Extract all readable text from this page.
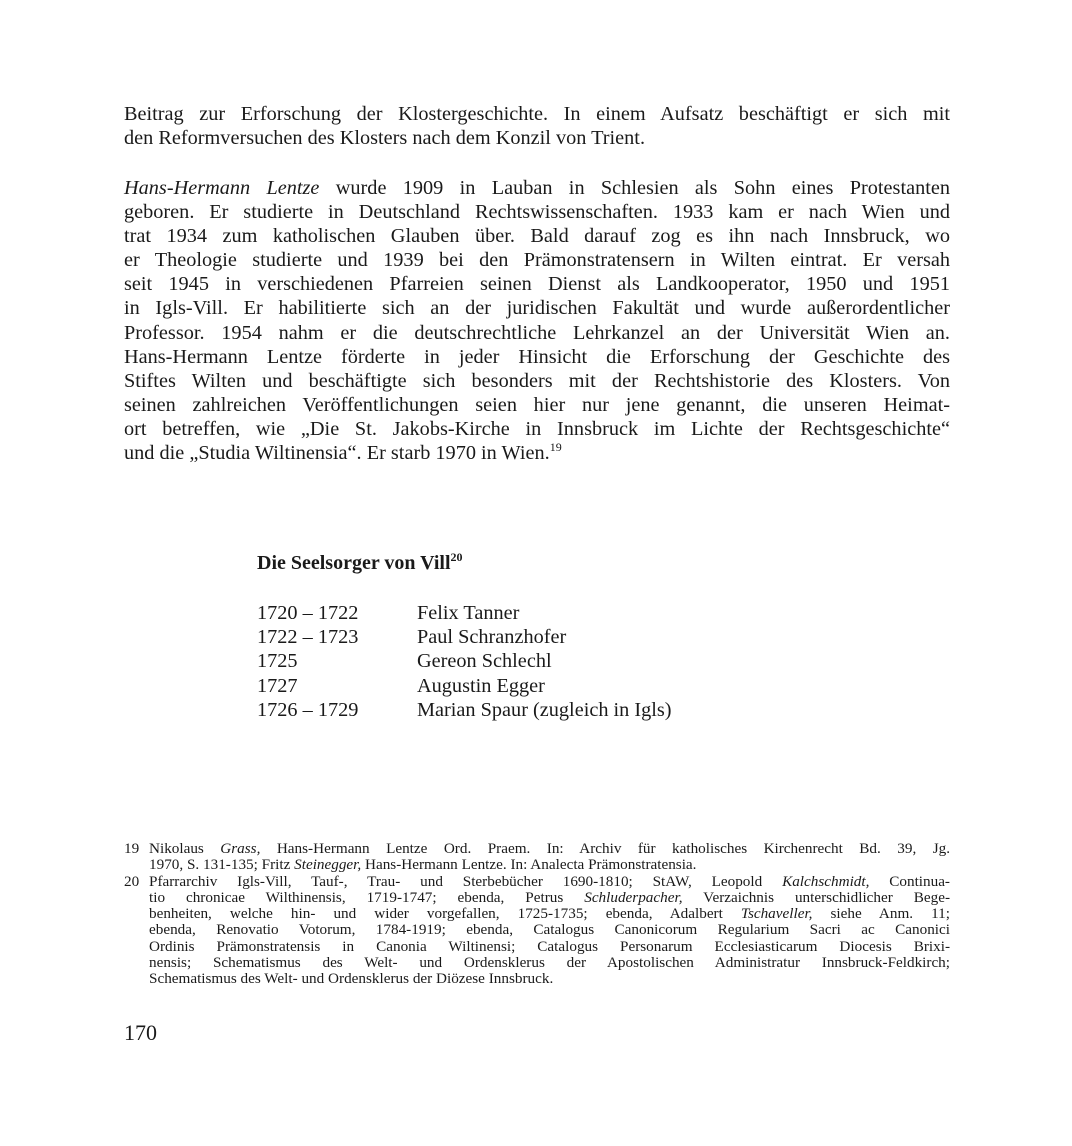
Beitrag zur Erforschung der Klostergeschichte. In einem Aufsatz beschäftigt er sich mit
den Reformversuchen des Klosters nach dem Konzil von Trient.

Hans-Hermann Lentze wurde 1909 in Lauban in Schlesien als Sohn eines Protestanten
geboren. Er studierte in Deutschland Rechtswissenschaften. 1933 kam er nach Wien und
trat 1934 zum katholischen Glauben über. Bald darauf zog es ihn nach Innsbruck, wo
er Theologie studierte und 1939 bei den Prämonstratensern in Wilten eintrat. Er versah
seit 1945 in verschiedenen Pfarreien seinen Dienst als Landkooperator, 1950 und 1951
in Igls-Vill. Er habilitierte sich an der juridischen Fakultät und wurde außerordentlicher
Professor. 1954 nahm er die deutschrechtliche Lehrkanzel an der Universität Wien an.
Hans-Hermann Lentze förderte in jeder Hinsicht die Erforschung der Geschichte des
Stiftes Wilten und beschäftigte sich besonders mit der Rechtshistorie des Klosters. Von
seinen zahlreichen Veröffentlichungen seien hier nur jene genannt, die unseren Heimat-
ort betreffen, wie „Die St. Jakobs-Kirche in Innsbruck im Lichte der Rechtsgeschichte“
und die „Studia Wiltinensia“. Er starb 1970 in Wien.$^{19}$

Die Seelsorger von Vill$^{20}$
1720 – 1722	Felix Tanner
1722 – 1723	Paul Schranzhofer
1725	Gereon Schlechl
1727	Augustin Egger
1726 – 1729	Marian Spaur (zugleich in Igls)
19 Nikolaus Grass, Hans-Hermann Lentze Ord. Praem. In: Archiv für katholisches Kirchenrecht Bd. 39, Jg.
1970, S. 131-135; Fritz Steinegger, Hans-Hermann Lentze. In: Analecta Prämonstratensia.
20 Pfarrarchiv Igls-Vill, Tauf-, Trau- und Sterbebücher 1690-1810; StAW, Leopold Kalchschmidt, Continua-
tio chronicae Wilthinensis, 1719-1747; ebenda, Petrus Schluderpacher, Verzaichnis unterschidlicher Bege-
benheiten, welche hin- und wider vorgefallen, 1725-1735; ebenda, Adalbert Tschaveller, siehe Anm. 11;
ebenda, Renovatio Votorum, 1784-1919; ebenda, Catalogus Canonicorum Regularium Sacri ac Canonici
Ordinis Prämonstratensis in Canonia Wiltinensi; Catalogus Personarum Ecclesiasticarum Diocesis Brixi-
nensis; Schematismus des Welt- und Ordensklerus der Apostolischen Administratur Innsbruck-Feldkirch;
Schematismus des Welt- und Ordensklerus der Diözese Innsbruck.
170
